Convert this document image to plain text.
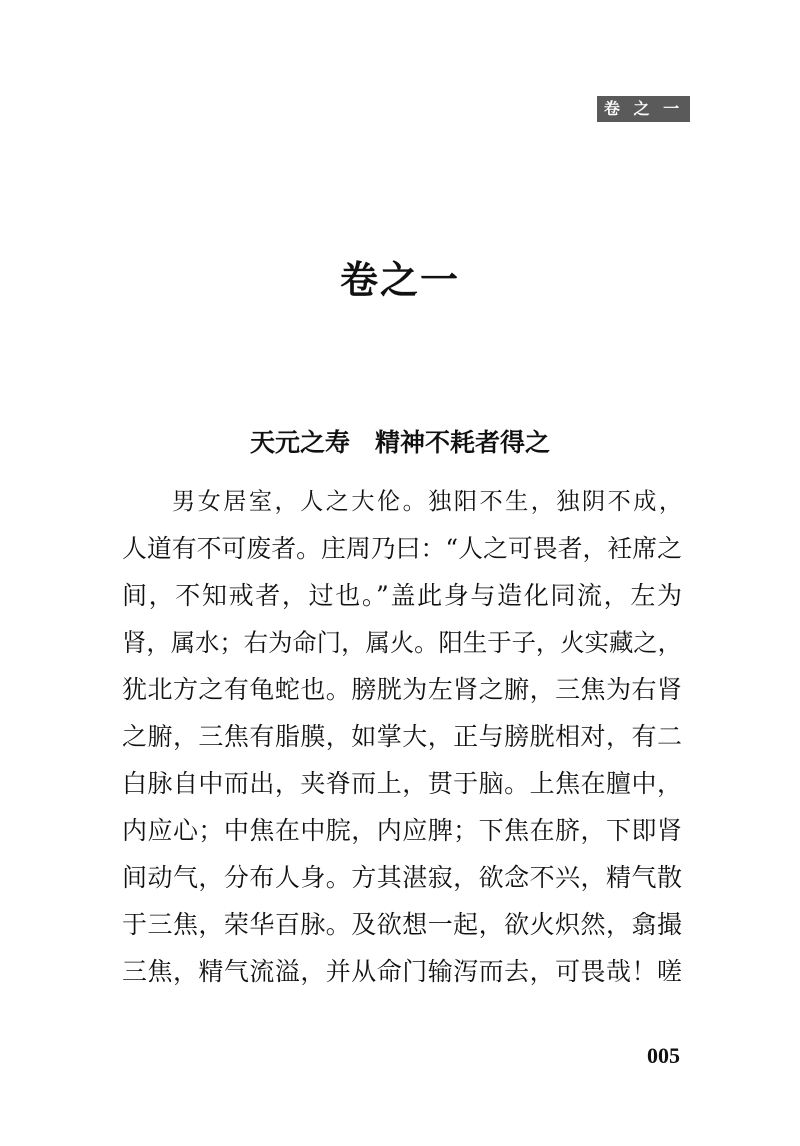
卷 之 一
卷之一
天元之寿　精神不耗者得之
男女居室，人之大伦。独阳不生，独阴不成，
人道有不可废者。庄周乃曰：“人之可畏者，衽席之
间，不知戒者，过也。”盖此身与造化同流，左为
肾，属水；右为命门，属火。阳生于子，火实藏之，
犹北方之有龟蛇也。膀胱为左肾之腑，三焦为右肾
之腑，三焦有脂膜，如掌大，正与膀胱相对，有二
白脉自中而出，夹脊而上，贯于脑。上焦在膻中，
内应心；中焦在中脘，内应脾；下焦在脐，下即肾
间动气，分布人身。方其湛寂，欲念不兴，精气散
于三焦，荣华百脉。及欲想一起，欲火炽然，翕撮
三焦，精气流溢，并从命门输泻而去，可畏哉！嗟
005
